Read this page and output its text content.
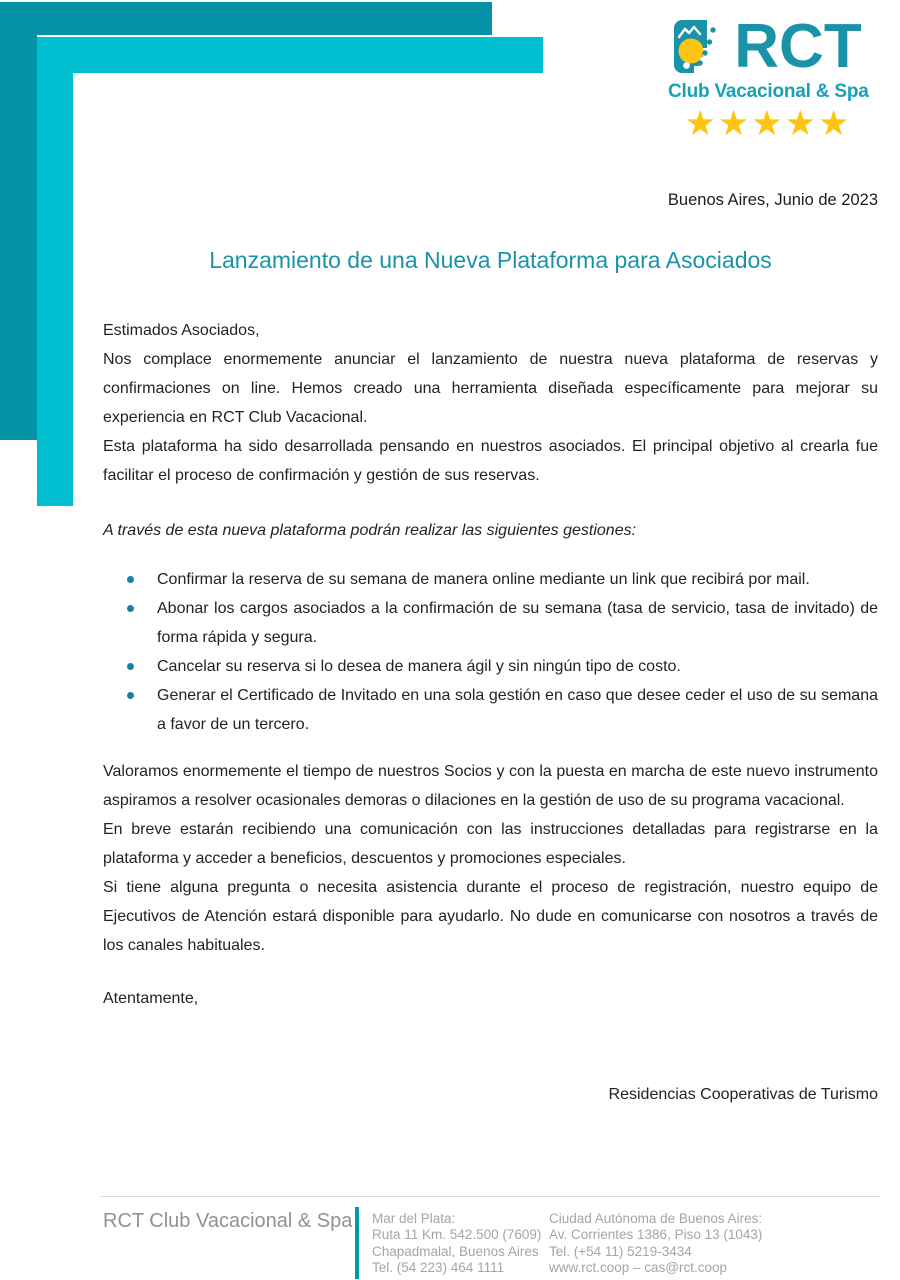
RCT
Club Vacacional & Spa
★★★★★
Buenos Aires, Junio de 2023
Lanzamiento de una Nueva Plataforma para Asociados

Estimados Asociados,

Nos complace enormemente anunciar el lanzamiento de nuestra nueva plataforma de reservas y confirmaciones on line. Hemos creado una herramienta diseñada específicamente para mejorar su experiencia en RCT Club Vacacional.

Esta plataforma ha sido desarrollada pensando en nuestros asociados. El principal objetivo al crearla fue facilitar el proceso de confirmación y gestión de sus reservas.

A través de esta nueva plataforma podrán realizar las siguientes gestiones:

Confirmar la reserva de su semana de manera online mediante un link que recibirá por mail.
Abonar los cargos asociados a la confirmación de su semana (tasa de servicio, tasa de invitado) de forma rápida y segura.
Cancelar su reserva si lo desea de manera ágil y sin ningún tipo de costo.
Generar el Certificado de Invitado en una sola gestión en caso que desee ceder el uso de su semana a favor de un tercero.

Valoramos enormemente el tiempo de nuestros Socios y con la puesta en marcha de este nuevo instrumento aspiramos a resolver ocasionales demoras o dilaciones en la gestión de uso de su programa vacacional.

En breve estarán recibiendo una comunicación con las instrucciones detalladas para registrarse en la plataforma y acceder a beneficios, descuentos y promociones especiales.

Si tiene alguna pregunta o necesita asistencia durante el proceso de registración, nuestro equipo de Ejecutivos de Atención estará disponible para ayudarlo. No dude en comunicarse con nosotros a través de los canales habituales.

Atentamente,

Residencias Cooperativas de Turismo

RCT Club Vacacional & Spa Mar del Plata:
Ruta 11 Km. 542.500 (7609)
Chapadmalal, Buenos Aires
Tel. (54 223) 464 1111
Ciudad Autónoma de Buenos Aires:
Av. Corrientes 1386, Piso 13 (1043)
Tel. (+54 11) 5219-3434
www.rct.coop – cas@rct.coop
